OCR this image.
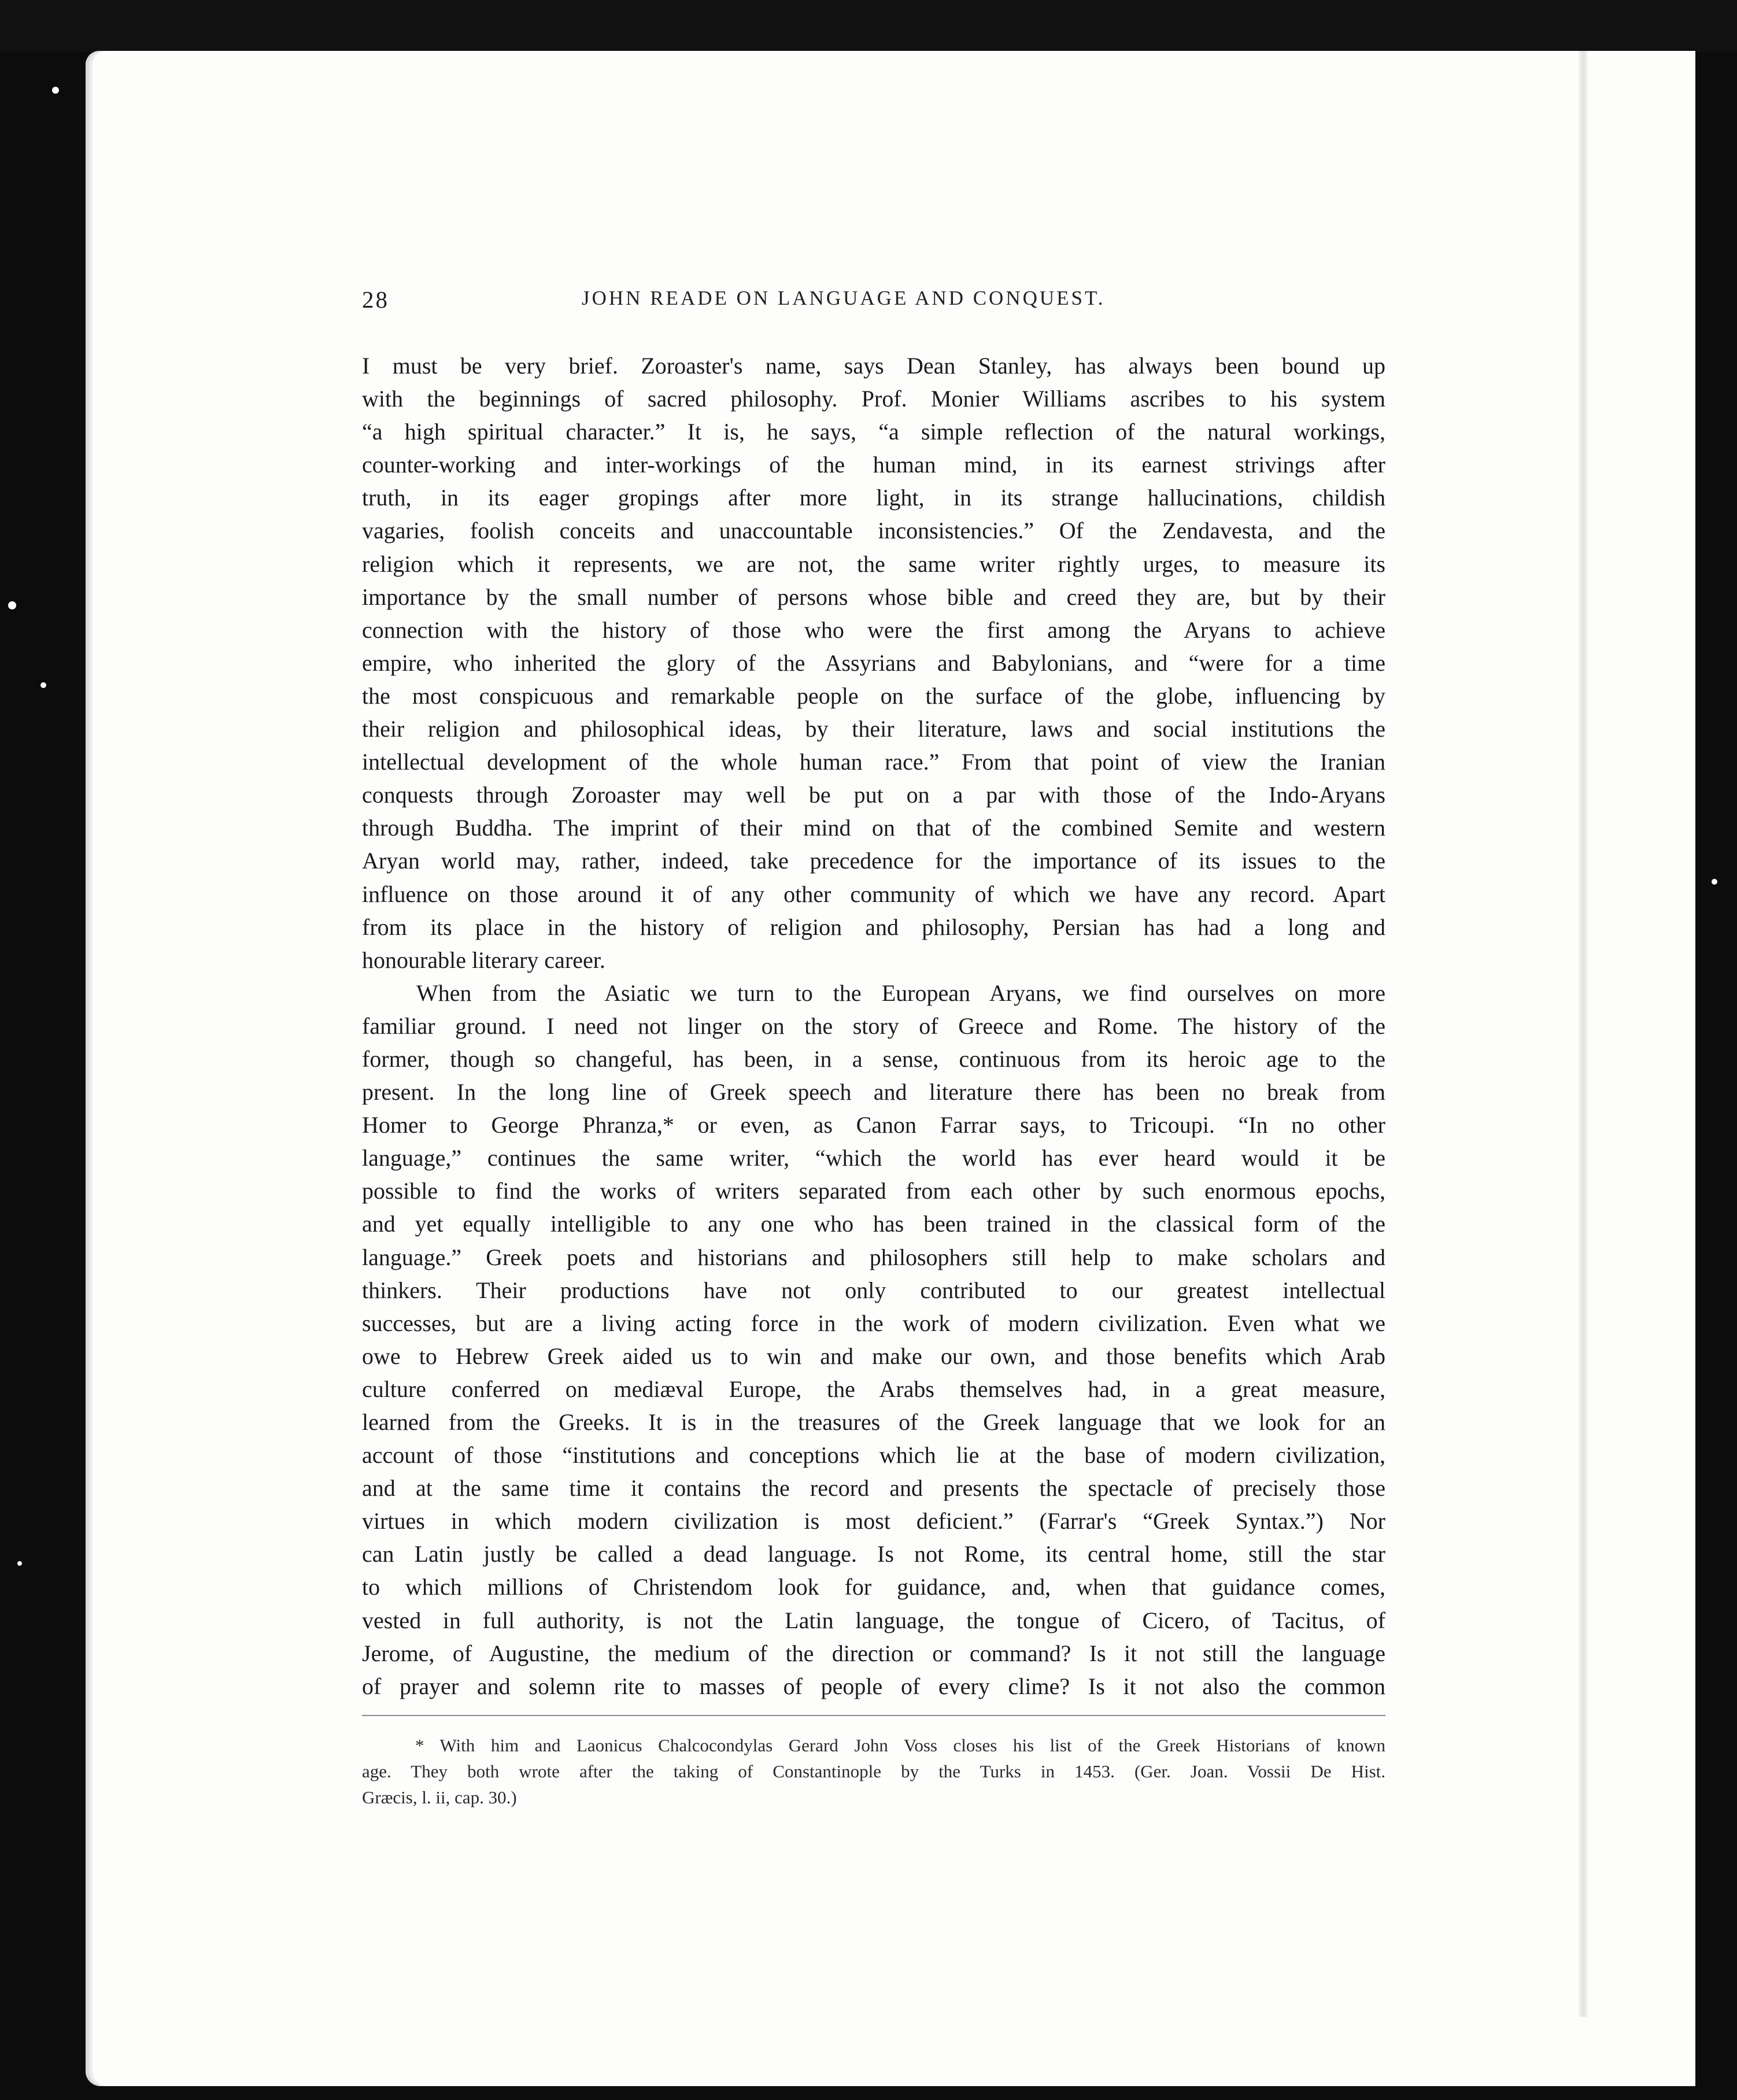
28	JOHN READE ON LANGUAGE AND CONQUEST.
I must be very brief. Zoroaster's name, says Dean Stanley, has always been bound up
with the beginnings of sacred philosophy. Prof. Monier Williams ascribes to his system
“a high spiritual character.” It is, he says, “a simple reflection of the natural workings,
counter-working and inter-workings of the human mind, in its earnest strivings after
truth, in its eager gropings after more light, in its strange hallucinations, childish
vagaries, foolish conceits and unaccountable inconsistencies.” Of the Zendavesta, and the
religion which it represents, we are not, the same writer rightly urges, to measure its
importance by the small number of persons whose bible and creed they are, but by their
connection with the history of those who were the first among the Aryans to achieve
empire, who inherited the glory of the Assyrians and Babylonians, and “were for a time
the most conspicuous and remarkable people on the surface of the globe, influencing by
their religion and philosophical ideas, by their literature, laws and social institutions the
intellectual development of the whole human race.” From that point of view the Iranian
conquests through Zoroaster may well be put on a par with those of the Indo-Aryans
through Buddha. The imprint of their mind on that of the combined Semite and western
Aryan world may, rather, indeed, take precedence for the importance of its issues to the
influence on those around it of any other community of which we have any record. Apart
from its place in the history of religion and philosophy, Persian has had a long and
honourable literary career.
When from the Asiatic we turn to the European Aryans, we find ourselves on more
familiar ground. I need not linger on the story of Greece and Rome. The history of the
former, though so changeful, has been, in a sense, continuous from its heroic age to the
present. In the long line of Greek speech and literature there has been no break from
Homer to George Phranza,* or even, as Canon Farrar says, to Tricoupi. “In no other
language,” continues the same writer, “which the world has ever heard would it be
possible to find the works of writers separated from each other by such enormous epochs,
and yet equally intelligible to any one who has been trained in the classical form of the
language.” Greek poets and historians and philosophers still help to make scholars and
thinkers. Their productions have not only contributed to our greatest intellectual
successes, but are a living acting force in the work of modern civilization. Even what we
owe to Hebrew Greek aided us to win and make our own, and those benefits which Arab
culture conferred on mediæval Europe, the Arabs themselves had, in a great measure,
learned from the Greeks. It is in the treasures of the Greek language that we look for an
account of those “institutions and conceptions which lie at the base of modern civilization,
and at the same time it contains the record and presents the spectacle of precisely those
virtues in which modern civilization is most deficient.” (Farrar's “Greek Syntax.”) Nor
can Latin justly be called a dead language. Is not Rome, its central home, still the star
to which millions of Christendom look for guidance, and, when that guidance comes,
vested in full authority, is not the Latin language, the tongue of Cicero, of Tacitus, of
Jerome, of Augustine, the medium of the direction or command? Is it not still the language
of prayer and solemn rite to masses of people of every clime? Is it not also the common
* With him and Laonicus Chalcocondylas Gerard John Voss closes his list of the Greek Historians of known
age. They both wrote after the taking of Constantinople by the Turks in 1453. (Ger. Joan. Vossii De Hist.
Græcis, l. ii, cap. 30.)
